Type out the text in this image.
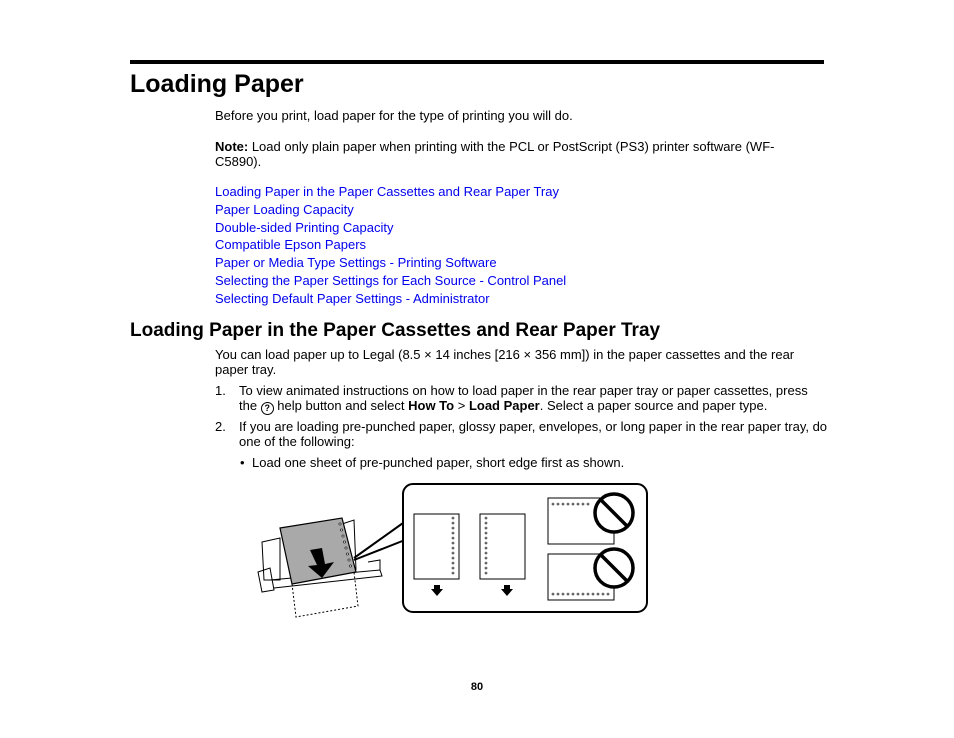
Loading Paper

Before you print, load paper for the type of printing you will do.

Note: Load only plain paper when printing with the PCL or PostScript (PS3) printer software (WF-C5890).

Loading Paper in the Paper Cassettes and Rear Paper Tray
Paper Loading Capacity
Double-sided Printing Capacity
Compatible Epson Papers
Paper or Media Type Settings - Printing Software
Selecting the Paper Settings for Each Source - Control Panel
Selecting Default Paper Settings - Administrator
Loading Paper in the Paper Cassettes and Rear Paper Tray

You can load paper up to Legal (8.5 × 14 inches [216 × 356 mm]) in the paper cassettes and the rear paper tray.

1. To view animated instructions on how to load paper in the rear paper tray or paper cassettes, press the ? help button and select How To > Load Paper. Select a paper source and paper type.

2. If you are loading pre-punched paper, glossy paper, envelopes, or long paper in the rear paper tray, do one of the following:

• Load one sheet of pre-punched paper, short edge first as shown.
80
